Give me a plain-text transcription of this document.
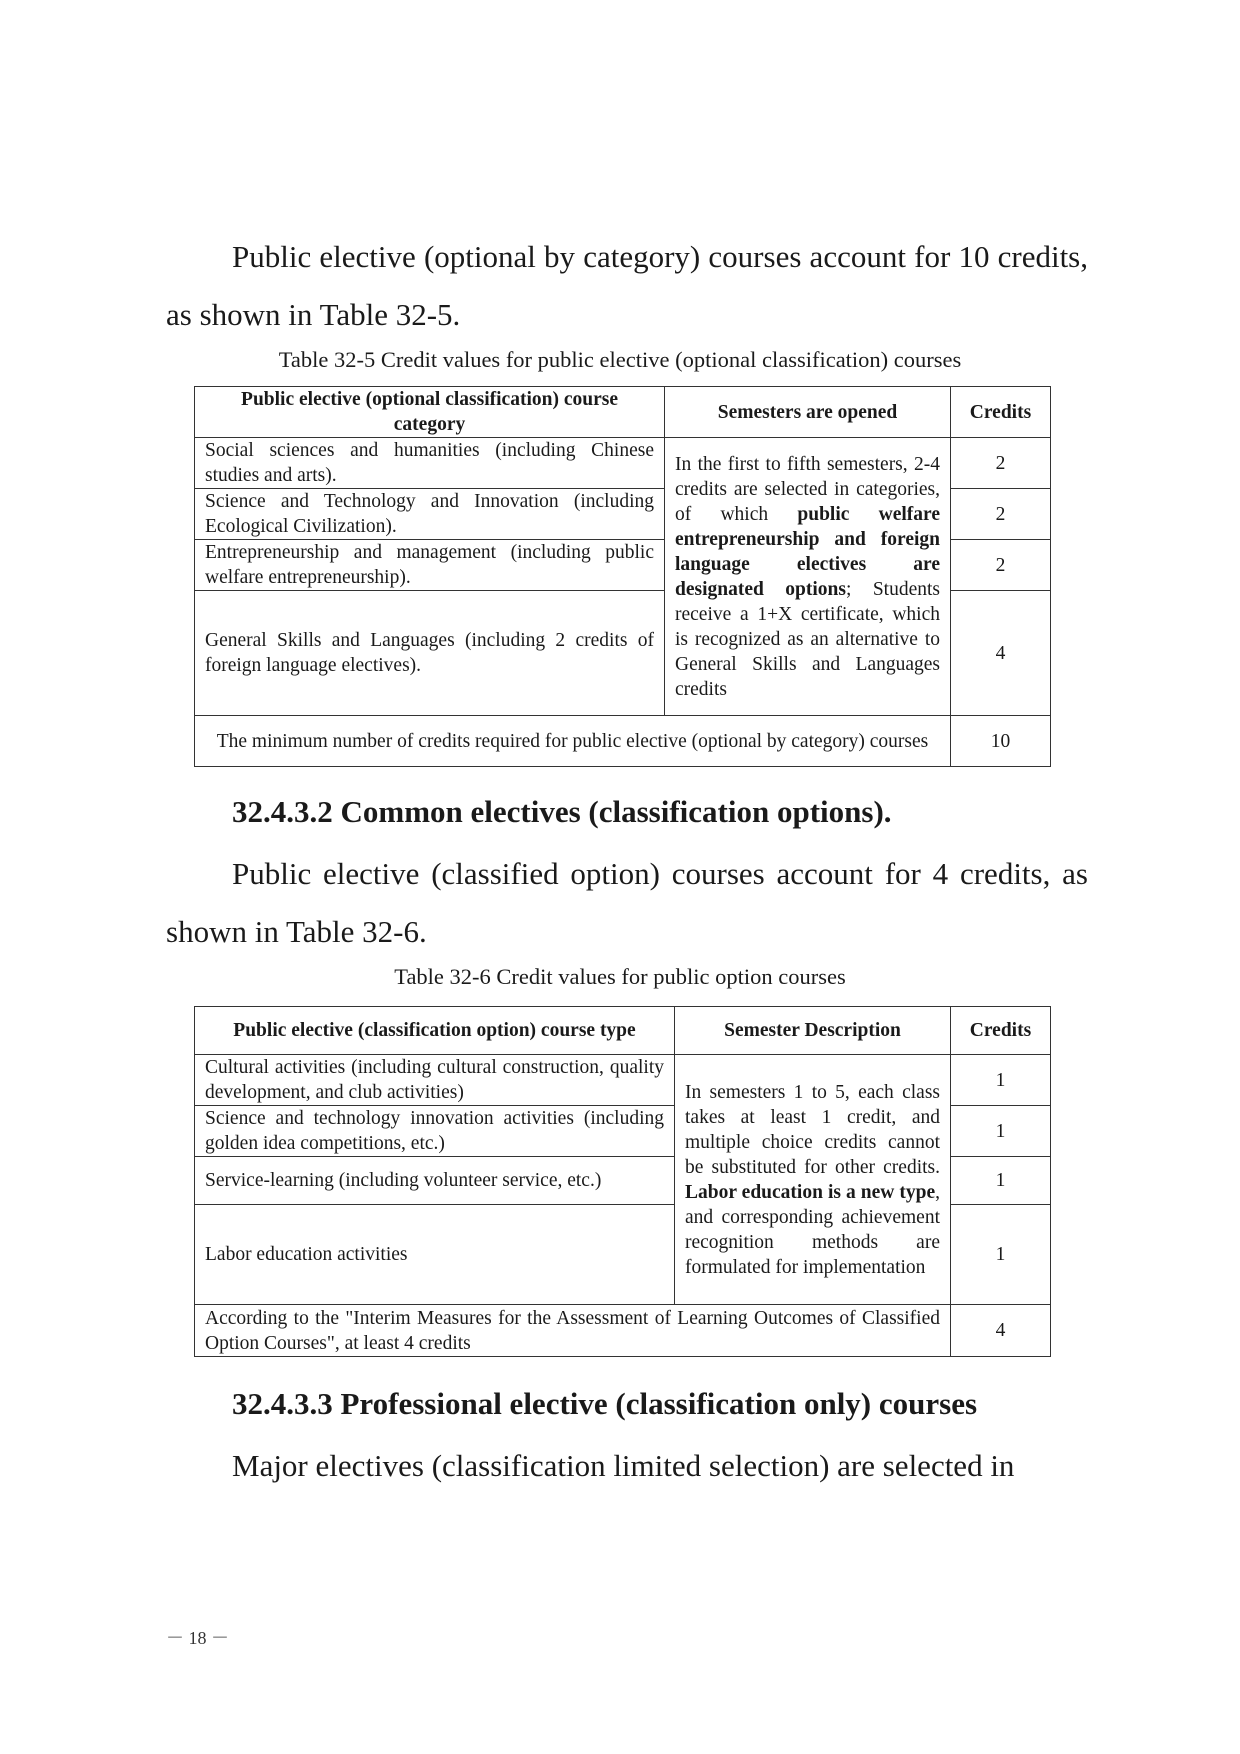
Public elective (optional by category) courses account for 10 credits, as shown in Table 32-5.

Table 32-5 Credit values for public elective (optional classification) courses

Public elective (optional classification) course category	Semesters are opened	Credits
Social sciences and humanities (including Chinese studies and arts).	In the first to fifth semesters, 2-4 credits are selected in categories, of which public welfare entrepreneurship and foreign language electives are designated options; Students receive a 1+X certificate, which is recognized as an alternative to General Skills and Languages credits	2
Science and Technology and Innovation (including Ecological Civilization).		2
Entrepreneurship and management (including public welfare entrepreneurship).		2
General Skills and Languages (including 2 credits of foreign language electives).		4
The minimum number of credits required for public elective (optional by category) courses		10

32.4.3.2 Common electives (classification options).

Public elective (classified option) courses account for 4 credits, as shown in Table 32-6.

Table 32-6 Credit values for public option courses

Public elective (classification option) course type	Semester Description	Credits
Cultural activities (including cultural construction, quality development, and club activities)	In semesters 1 to 5, each class takes at least 1 credit, and multiple choice credits cannot be substituted for other credits. Labor education is a new type, and corresponding achievement recognition methods are formulated for implementation	1
Science and technology innovation activities (including golden idea competitions, etc.)		1
Service-learning (including volunteer service, etc.)		1
Labor education activities		1
According to the "Interim Measures for the Assessment of Learning Outcomes of Classified Option Courses", at least 4 credits		4

32.4.3.3 Professional elective (classification only) courses

Major electives (classification limited selection) are selected in

－ 18 －
